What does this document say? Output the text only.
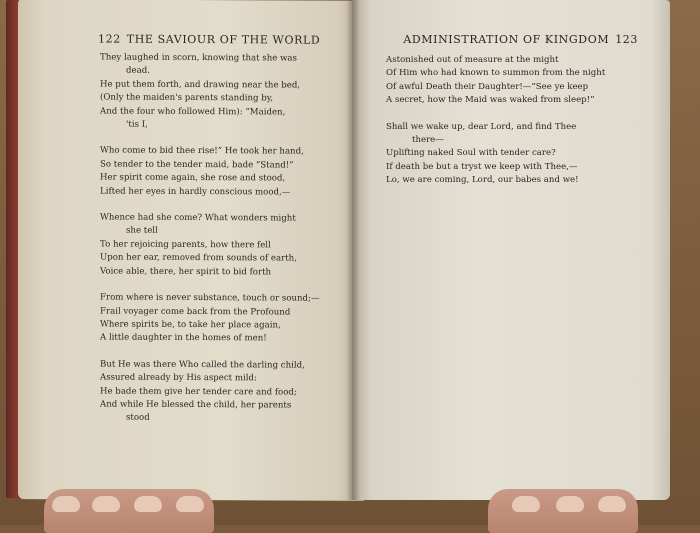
122 THE SAVIOUR OF THE WORLD
They laughed in scorn, knowing that she was
dead.
He put them forth, and drawing near the bed,
(Only the maiden's parents standing by,
And the four who followed Him): “Maiden,
'tis I,
Who come to bid thee rise!” He took her hand,
So tender to the tender maid, bade “Stand!”
Her spirit come again, she rose and stood,
Lifted her eyes in hardly conscious mood,—
Whence had she come? What wonders might
she tell
To her rejoicing parents, how there fell
Upon her ear, removed from sounds of earth,
Voice able, there, her spirit to bid forth
From where is never substance, touch or sound;—
Frail voyager come back from the Profound
Where spirits be, to take her place again,
A little daughter in the homes of men!
But He was there Who called the darling child,
Assured already by His aspect mild:
He bade them give her tender care and food;
And while He blessed the child, her parents
stood
ADMINISTRATION OF KINGDOM 123
Astonished out of measure at the might
Of Him who had known to summon from the night
Of awful Death their Daughter!—“See ye keep
A secret, how the Maid was waked from sleep!”
Shall we wake up, dear Lord, and find Thee
there—
Uplifting naked Soul with tender care?
If death be but a tryst we keep with Thee,—
Lo, we are coming, Lord, our babes and we!
